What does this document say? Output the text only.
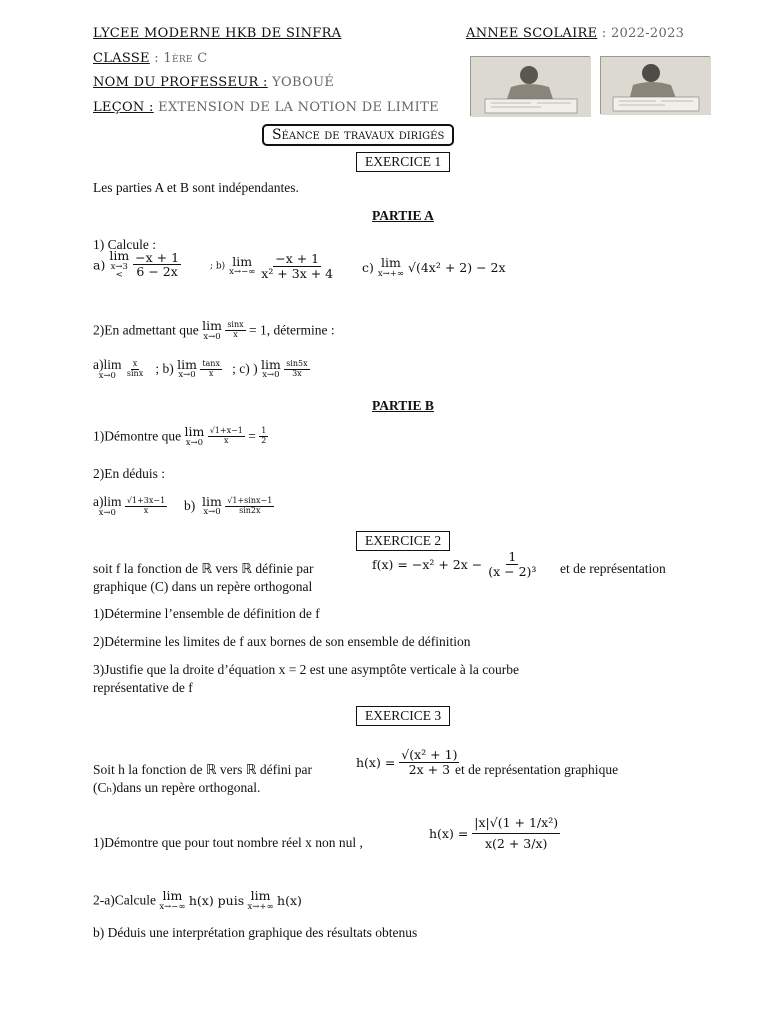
LYCEE MODERNE HKB DE SINFRA	ANNEE SCOLAIRE : 2022-2023
CLASSE : 1ère C
NOM DU PROFESSEUR : YOBOUÉ
LEÇON : EXTENSION DE LA NOTION DE LIMITE
Séance de travaux dirigés
EXERCICE 1
Les parties A et B sont indépendantes.
PARTIE A
1) Calcule :
a)
lim
x→3
<
$\frac{-x + 1}{6 - 2x}$	; b) lim
x→−∞
$\frac{-x + 1}{\text{x² + 3x + 4}} c$) lim
x→+∞ √(4x² + 2) − 2x
2)En admettant que lim
x→0
$\frac{\sin x}{x} = 1$, détermine :
a)lim
x→0
$\frac{x}{\sin x}$ ; b) lim
x→0
$\frac{\tan x}{x}$ ; c) ) lim
x→0
$\frac{\sin 5x}{3x}$
PARTIE B
1)Démontre que lim
x→0
$\frac{√1+x-1}{x} = \frac{1}{2}$
2)En déduis :
a)lim
x→0
$\frac{√1+3x-1}{x} b$) lim
x→0
$\frac{√1+\sin x-1}{\sin 2x}$
EXERCICE 2
soit f la fonction de ℝ vers ℝ définie par	$f(x) = -x^2 + 2x - \frac{1}{\text{(x − 2)³}}$ et de représentation
graphique (C) dans un repère orthogonal
1)Détermine l’ensemble de définition de f
2)Détermine les limites de f aux bornes de son ensemble de définition
3)Justifie que la droite d’équation x = 2 est une asymptôte verticale à la courbe
représentative de f
EXERCICE 3
Soit h la fonction de ℝ vers ℝ défini par	$h(x) = \frac{\text{√(x² + 1)}}{2x + 3}$
et de représentation graphique
(Cₕ)dans un repère orthogonal.
1)Démontre que pour tout nombre réel x non nul ,
$h(x) = \frac{\text{|x|√(1 + 1/x²)}}{x(2 + 3/x)}$
2-a)Calcule lim
x→−∞ h(x) puis lim
x→+∞ h(x)
b) Déduis une interprétation graphique des résultats obtenus
